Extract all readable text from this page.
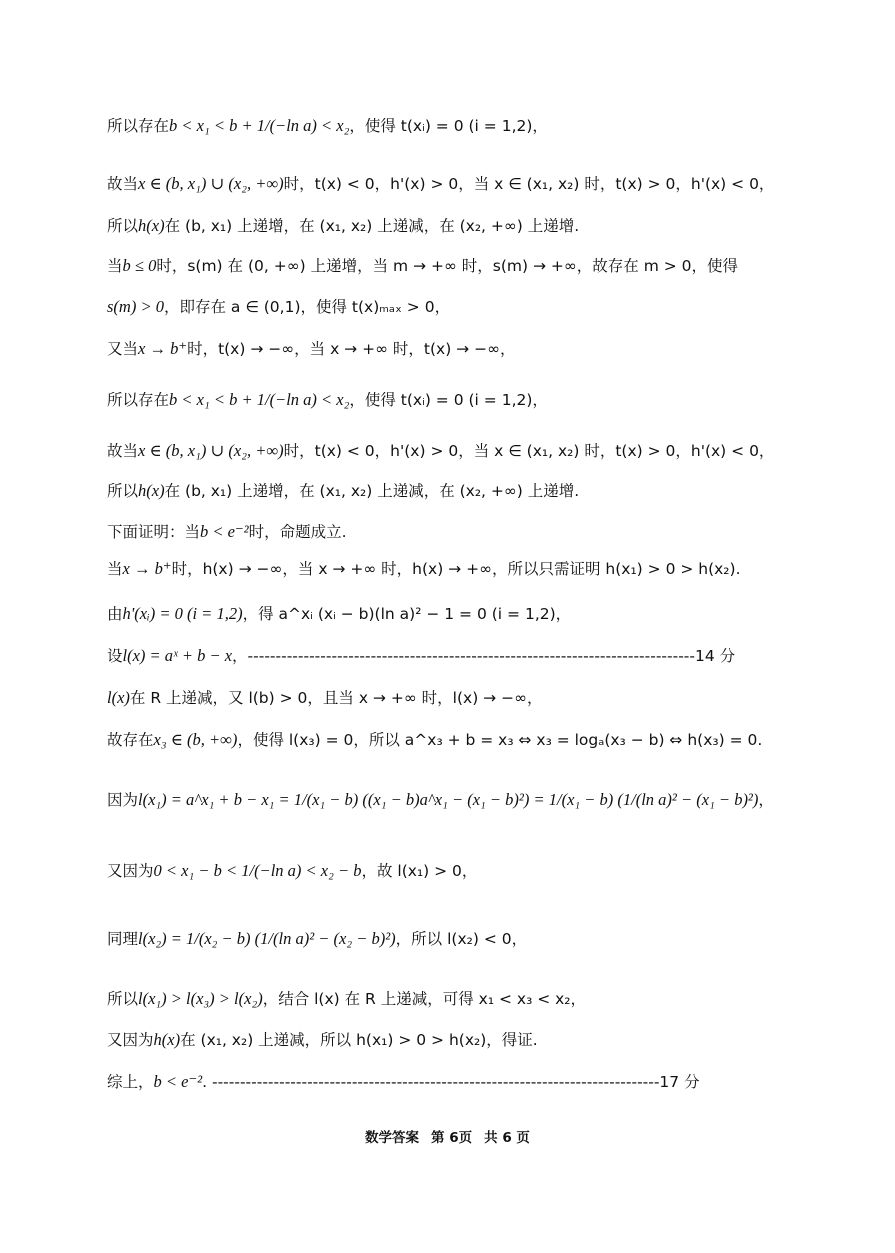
所以存在b < x₁ < b + 1/(−ln a) < x₂，使得 t(xᵢ) = 0 (i = 1,2)，
故当x ∈ (b, x₁) ∪ (x₂, +∞)时，t(x) < 0，h'(x) > 0，当 x ∈ (x₁, x₂) 时，t(x) > 0，h'(x) < 0，
所以h(x)在 (b, x₁) 上递增，在 (x₁, x₂) 上递减，在 (x₂, +∞) 上递增.
当b ≤ 0时，s(m) 在 (0, +∞) 上递增，当 m → +∞ 时，s(m) → +∞，故存在 m > 0，使得
s(m) > 0，即存在 a ∈ (0,1)，使得 t(x)ₘₐₓ > 0，
又当x → b⁺时，t(x) → −∞，当 x → +∞ 时，t(x) → −∞，
所以存在b < x₁ < b + 1/(−ln a) < x₂，使得 t(xᵢ) = 0 (i = 1,2)，
故当x ∈ (b, x₁) ∪ (x₂, +∞)时，t(x) < 0，h'(x) > 0，当 x ∈ (x₁, x₂) 时，t(x) > 0，h'(x) < 0，
所以h(x)在 (b, x₁) 上递增，在 (x₁, x₂) 上递减，在 (x₂, +∞) 上递增.
下面证明：当b < e⁻²时，命题成立.
当x → b⁺时，h(x) → −∞，当 x → +∞ 时，h(x) → +∞，所以只需证明 h(x₁) > 0 > h(x₂).
由h'(xᵢ) = 0 (i = 1,2)，得 a^xᵢ (xᵢ − b)(ln a)² − 1 = 0 (i = 1,2)，
设l(x) = aˣ + b − x，--------------------------------------------------------------------------------14 分
l(x)在 R 上递减，又 l(b) > 0，且当 x → +∞ 时，l(x) → −∞，
故存在x₃ ∈ (b, +∞)，使得 l(x₃) = 0，所以 a^x₃ + b = x₃ ⇔ x₃ = logₐ(x₃ − b) ⇔ h(x₃) = 0.
因为l(x₁) = a^x₁ + b − x₁ = 1/(x₁ − b) ((x₁ − b)a^x₁ − (x₁ − b)²) = 1/(x₁ − b) (1/(ln a)² − (x₁ − b)²)，
又因为0 < x₁ − b < 1/(−ln a) < x₂ − b，故 l(x₁) > 0，
同理l(x₂) = 1/(x₂ − b) (1/(ln a)² − (x₂ − b)²)，所以 l(x₂) < 0，
所以l(x₁) > l(x₃) > l(x₂)，结合 l(x) 在 R 上递减，可得 x₁ < x₃ < x₂，
又因为h(x)在 (x₁, x₂) 上递减，所以 h(x₁) > 0 > h(x₂)，得证.
综上，b < e⁻². --------------------------------------------------------------------------------17 分
数学答案 第 6页 共 6 页
